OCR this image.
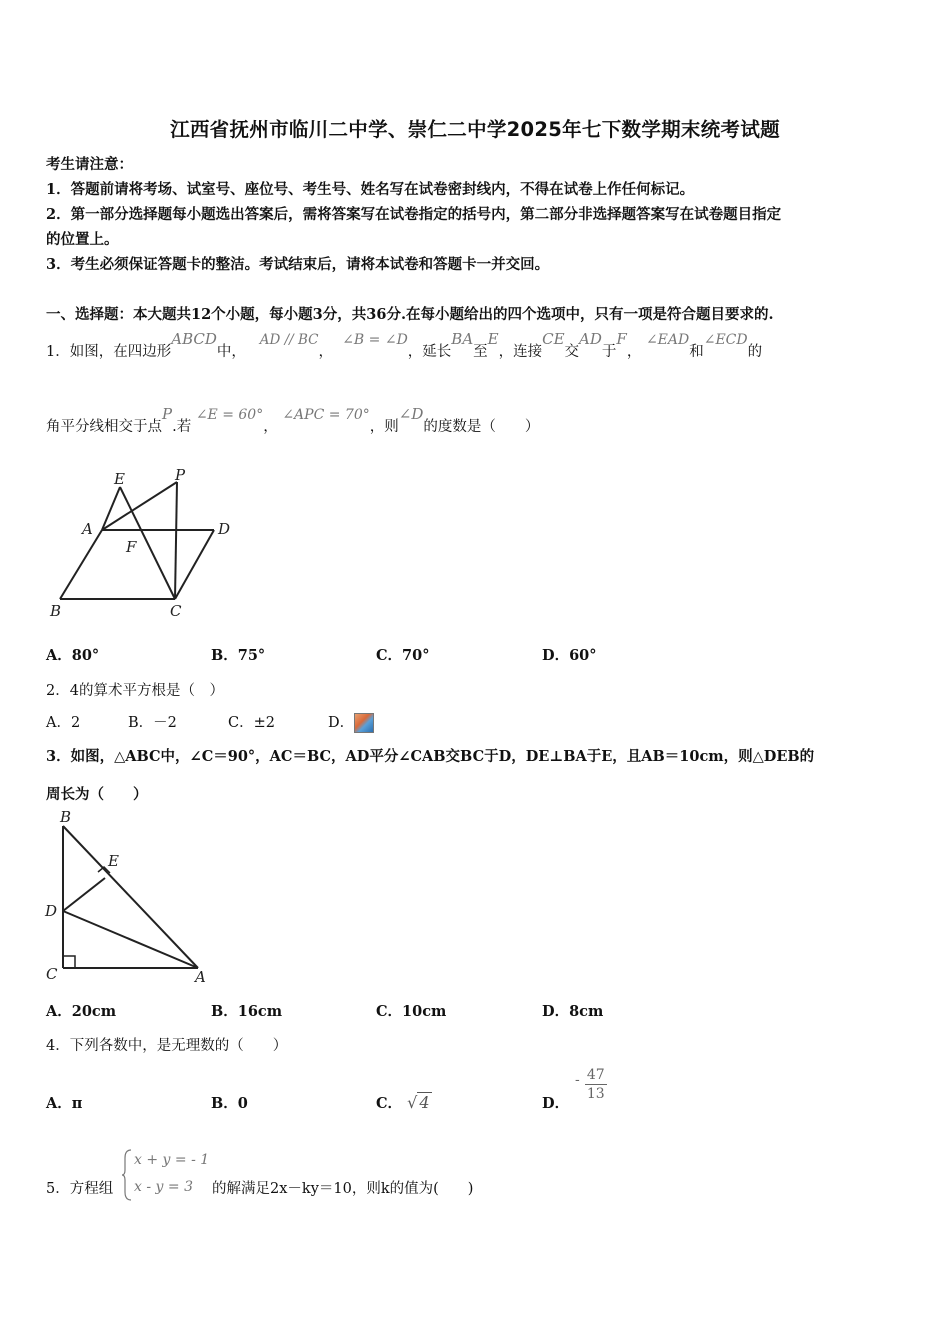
江西省抚州市临川二中学、崇仁二中学2025年七下数学期末统考试题
考生请注意：
1．答题前请将考场、试室号、座位号、考生号、姓名写在试卷密封线内，不得在试卷上作任何标记。
2．第一部分选择题每小题选出答案后，需将答案写在试卷指定的括号内，第二部分非选择题答案写在试卷题目指定
的位置上。
3．考生必须保证答题卡的整洁。考试结束后，请将本试卷和答题卡一并交回。
一、选择题：本大题共12个小题，每小题3分，共36分.在每小题给出的四个选项中，只有一项是符合题目要求的.
1．如图，在四边形ABCD中，   AD // BC，  ∠B = ∠D，延长BA至E，连接CE交AD于F， ∠EAD和∠ECD的
角平分线相交于点P.若 ∠E = 60°， ∠APC = 70°，则∠D的度数是（　　）
E	P
A	D
F
B	C
A．80°	B．75°	C．70°	D．60°
2．4的算术平方根是（　）
A．2	B．－2	C．±2	D．
3．如图，△ABC中，∠C＝90°，AC＝BC，AD平分∠CAB交BC于D，DE⊥BA于E，且AB＝10cm，则△DEB的
周长为（　　）
B
E
D
C	A
A．20cm	B．16cm	C．10cm	D．8cm
4．下列各数中，是无理数的（　　）
A．π	B．0	C． √ 4	D．
- $\frac{47}{13}$
5．方程组
x + y = - 1
x - y = 3 的解满足2x－ky＝10，则k的值为(　　)
